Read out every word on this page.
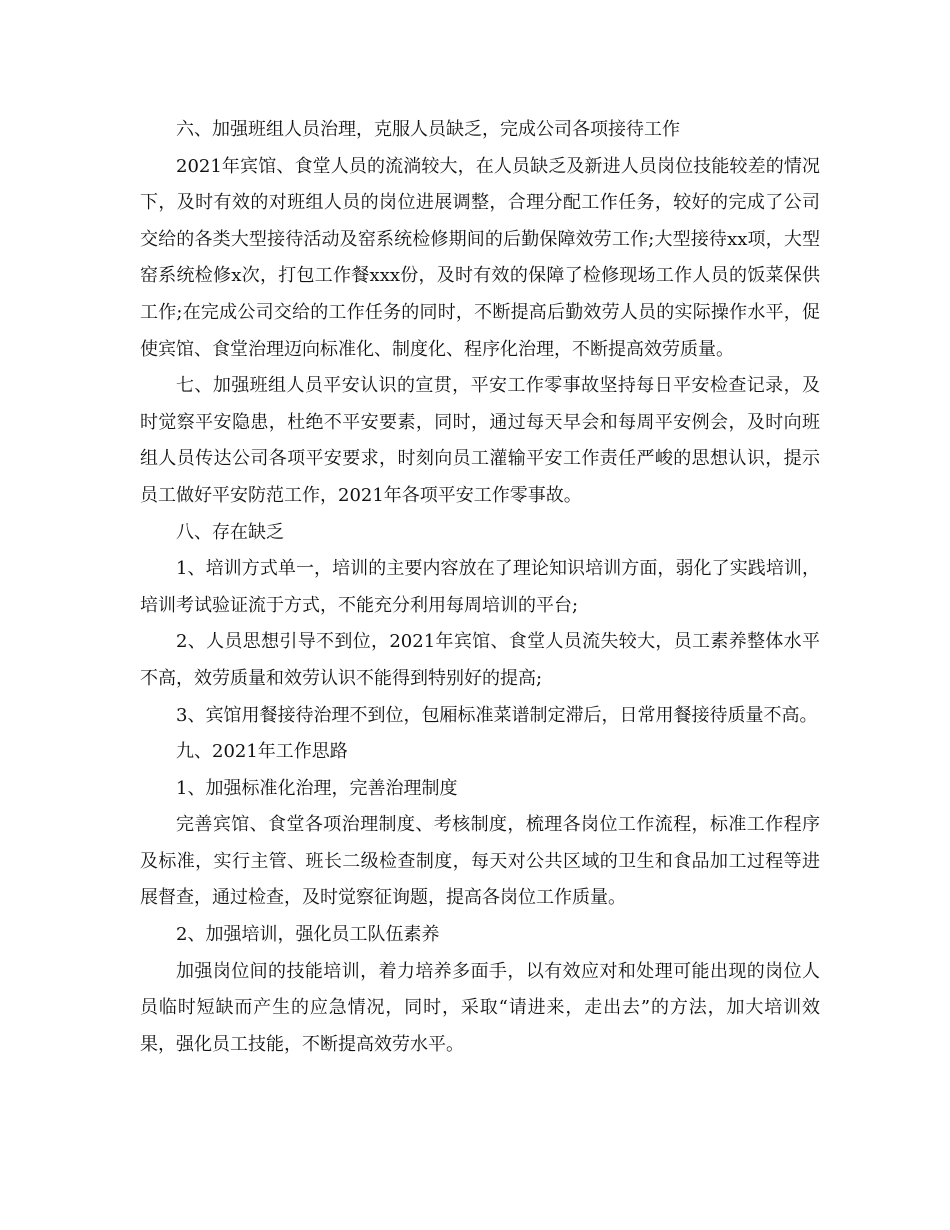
六、加强班组人员治理，克服人员缺乏，完成公司各项接待工作

2021年宾馆、食堂人员的流淌较大，在人员缺乏及新进人员岗位技能较差的情况下，及时有效的对班组人员的岗位进展调整，合理分配工作任务，较好的完成了公司交给的各类大型接待活动及窑系统检修期间的后勤保障效劳工作;大型接待xx项，大型窑系统检修x次，打包工作餐xxx份，及时有效的保障了检修现场工作人员的饭菜保供工作;在完成公司交给的工作任务的同时，不断提高后勤效劳人员的实际操作水平，促使宾馆、食堂治理迈向标准化、制度化、程序化治理，不断提高效劳质量。

七、加强班组人员平安认识的宣贯，平安工作零事故坚持每日平安检查记录，及时觉察平安隐患，杜绝不平安要素，同时，通过每天早会和每周平安例会，及时向班组人员传达公司各项平安要求，时刻向员工灌输平安工作责任严峻的思想认识，提示员工做好平安防范工作，2021年各项平安工作零事故。

八、存在缺乏

1、培训方式单一，培训的主要内容放在了理论知识培训方面，弱化了实践培训，培训考试验证流于方式，不能充分利用每周培训的平台;

2、人员思想引导不到位，2021年宾馆、食堂人员流失较大，员工素养整体水平不高，效劳质量和效劳认识不能得到特别好的提高;

3、宾馆用餐接待治理不到位，包厢标准菜谱制定滞后，日常用餐接待质量不高。

九、2021年工作思路

1、加强标准化治理，完善治理制度

完善宾馆、食堂各项治理制度、考核制度，梳理各岗位工作流程，标准工作程序及标准，实行主管、班长二级检查制度，每天对公共区域的卫生和食品加工过程等进展督查，通过检查，及时觉察征询题，提高各岗位工作质量。

2、加强培训，强化员工队伍素养

加强岗位间的技能培训，着力培养多面手，以有效应对和处理可能出现的岗位人员临时短缺而产生的应急情况，同时，采取“请进来，走出去”的方法，加大培训效果，强化员工技能，不断提高效劳水平。
